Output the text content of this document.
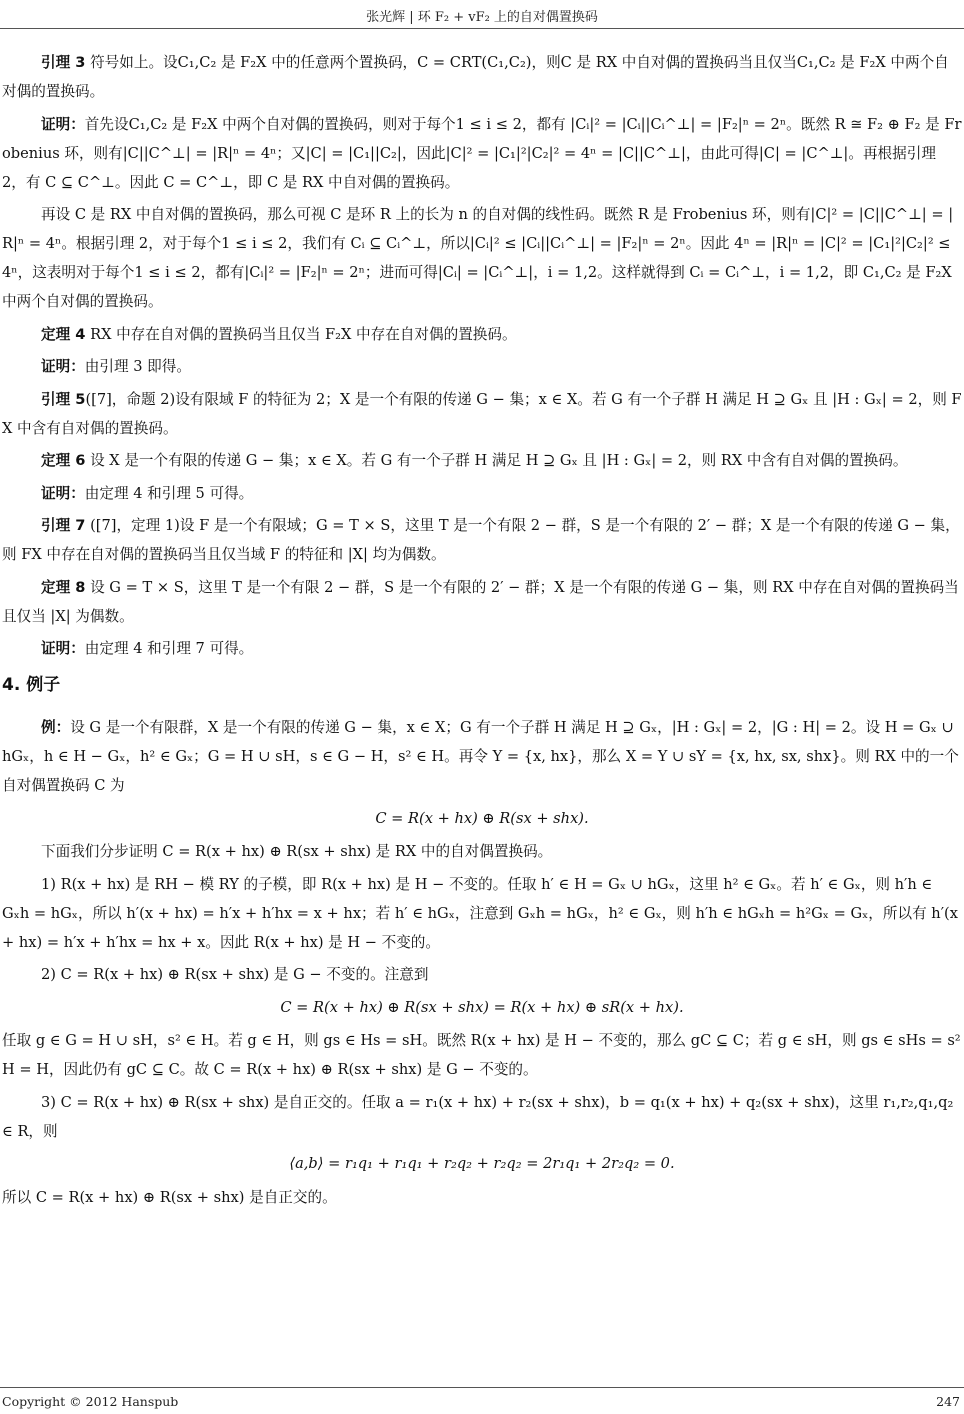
张光辉 | 环 F₂ + vF₂ 上的自对偶置换码

引理 3 符号如上。设C₁,C₂ 是 F₂X 中的任意两个置换码，C = CRT(C₁,C₂)，则C 是 RX 中自对偶的置换码当且仅当C₁,C₂ 是 F₂X 中两个自对偶的置换码。

证明：首先设C₁,C₂ 是 F₂X 中两个自对偶的置换码，则对于每个1 ≤ i ≤ 2，都有 |Cᵢ|² = |Cᵢ||Cᵢ^⊥| = |F₂|ⁿ = 2ⁿ。既然 R ≅ F₂ ⊕ F₂ 是 Frobenius 环，则有|C||C^⊥| = |R|ⁿ = 4ⁿ；又|C| = |C₁||C₂|，因此|C|² = |C₁|²|C₂|² = 4ⁿ = |C||C^⊥|，由此可得|C| = |C^⊥|。再根据引理 2，有 C ⊆ C^⊥。因此 C = C^⊥，即 C 是 RX 中自对偶的置换码。

再设 C 是 RX 中自对偶的置换码，那么可视 C 是环 R 上的长为 n 的自对偶的线性码。既然 R 是 Frobenius 环，则有|C|² = |C||C^⊥| = |R|ⁿ = 4ⁿ。根据引理 2，对于每个1 ≤ i ≤ 2，我们有 Cᵢ ⊆ Cᵢ^⊥，所以|Cᵢ|² ≤ |Cᵢ||Cᵢ^⊥| = |F₂|ⁿ = 2ⁿ。因此 4ⁿ = |R|ⁿ = |C|² = |C₁|²|C₂|² ≤ 4ⁿ，这表明对于每个1 ≤ i ≤ 2，都有|Cᵢ|² = |F₂|ⁿ = 2ⁿ；进而可得|Cᵢ| = |Cᵢ^⊥|，i = 1,2。这样就得到 Cᵢ = Cᵢ^⊥，i = 1,2，即 C₁,C₂ 是 F₂X 中两个自对偶的置换码。

定理 4 RX 中存在自对偶的置换码当且仅当 F₂X 中存在自对偶的置换码。

证明：由引理 3 即得。

引理 5([7]，命题 2)设有限域 F 的特征为 2；X 是一个有限的传递 G − 集；x ∈ X。若 G 有一个子群 H 满足 H ⊇ Gₓ 且 |H : Gₓ| = 2，则 FX 中含有自对偶的置换码。

定理 6 设 X 是一个有限的传递 G − 集；x ∈ X。若 G 有一个子群 H 满足 H ⊇ Gₓ 且 |H : Gₓ| = 2，则 RX 中含有自对偶的置换码。

证明：由定理 4 和引理 5 可得。

引理 7 ([7]，定理 1)设 F 是一个有限域；G = T × S，这里 T 是一个有限 2 − 群，S 是一个有限的 2′ − 群；X 是一个有限的传递 G − 集，则 FX 中存在自对偶的置换码当且仅当域 F 的特征和 |X| 均为偶数。

定理 8 设 G = T × S，这里 T 是一个有限 2 − 群，S 是一个有限的 2′ − 群；X 是一个有限的传递 G − 集，则 RX 中存在自对偶的置换码当且仅当 |X| 为偶数。

证明：由定理 4 和引理 7 可得。

4. 例子

例：设 G 是一个有限群，X 是一个有限的传递 G − 集，x ∈ X；G 有一个子群 H 满足 H ⊇ Gₓ，|H : Gₓ| = 2，|G : H| = 2。设 H = Gₓ ∪ hGₓ，h ∈ H − Gₓ，h² ∈ Gₓ；G = H ∪ sH，s ∈ G − H，s² ∈ H。再令 Y = {x, hx}，那么 X = Y ∪ sY = {x, hx, sx, shx}。则 RX 中的一个自对偶置换码 C 为

C = R(x + hx) ⊕ R(sx + shx).

下面我们分步证明 C = R(x + hx) ⊕ R(sx + shx) 是 RX 中的自对偶置换码。

1) R(x + hx) 是 RH − 模 RY 的子模，即 R(x + hx) 是 H − 不变的。任取 h′ ∈ H = Gₓ ∪ hGₓ，这里 h² ∈ Gₓ。若 h′ ∈ Gₓ，则 h′h ∈ Gₓh = hGₓ，所以 h′(x + hx) = h′x + h′hx = x + hx；若 h′ ∈ hGₓ，注意到 Gₓh = hGₓ，h² ∈ Gₓ，则 h′h ∈ hGₓh = h²Gₓ = Gₓ，所以有 h′(x + hx) = h′x + h′hx = hx + x。因此 R(x + hx) 是 H − 不变的。
2) C = R(x + hx) ⊕ R(sx + shx) 是 G − 不变的。注意到
C = R(x + hx) ⊕ R(sx + shx) = R(x + hx) ⊕ sR(x + hx).

任取 g ∈ G = H ∪ sH，s² ∈ H。若 g ∈ H，则 gs ∈ Hs = sH。既然 R(x + hx) 是 H − 不变的，那么 gC ⊆ C；若 g ∈ sH，则 gs ∈ sHs = s²H = H，因此仍有 gC ⊆ C。故 C = R(x + hx) ⊕ R(sx + shx) 是 G − 不变的。

3) C = R(x + hx) ⊕ R(sx + shx) 是自正交的。任取 a = r₁(x + hx) + r₂(sx + shx)，b = q₁(x + hx) + q₂(sx + shx)，这里 r₁,r₂,q₁,q₂ ∈ R，则
⟨a,b⟩ = r₁q₁ + r₁q₁ + r₂q₂ + r₂q₂ = 2r₁q₁ + 2r₂q₂ = 0.

所以 C = R(x + hx) ⊕ R(sx + shx) 是自正交的。

Copyright © 2012 Hanspub	247
